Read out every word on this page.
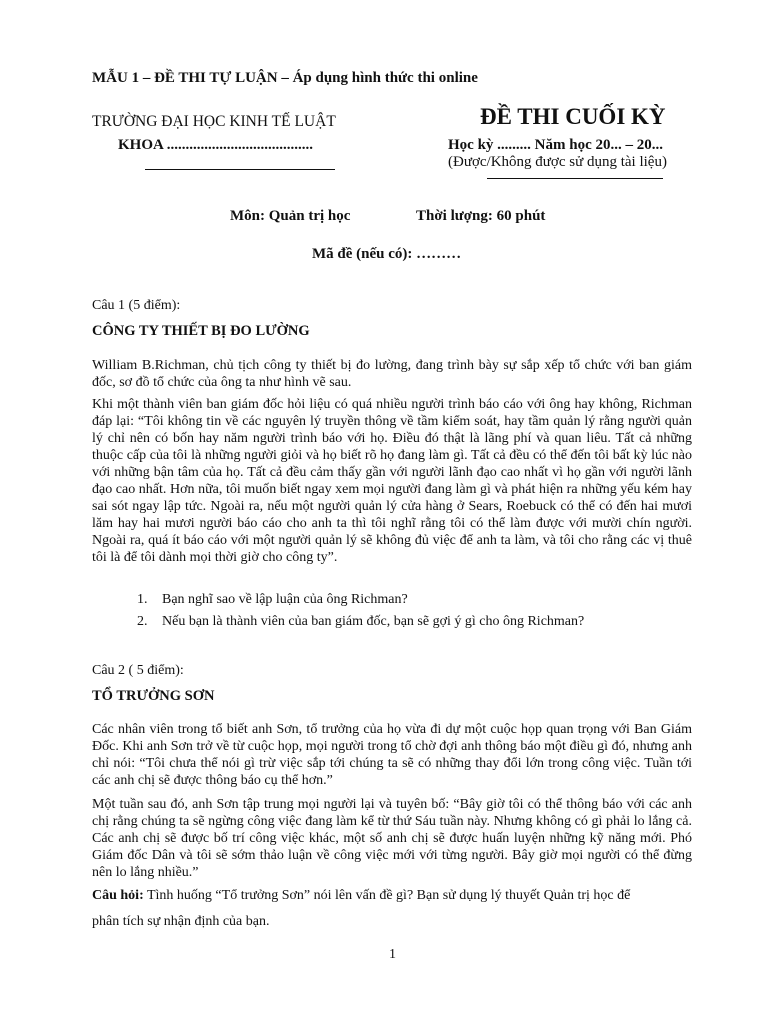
MẪU 1 – ĐỀ THI TỰ LUẬN – Áp dụng hình thức thi online
TRƯỜNG ĐẠI HỌC KINH TẾ LUẬT
KHOA .......................................
ĐỀ THI CUỐI KỲ
Học kỳ ......... Năm học 20... – 20...
(Được/Không được sử dụng tài liệu)
Môn: Quản trị học	Thời lượng: 60 phút
Mã đề (nếu có): ………
Câu 1 (5 điểm):
CÔNG TY THIẾT BỊ ĐO LƯỜNG

William B.Richman, chủ tịch công ty thiết bị đo lường, đang trình bày sự sắp xếp tổ chức với ban giám đốc, sơ đồ tổ chức của ông ta như hình vẽ sau.

Khi một thành viên ban giám đốc hỏi liệu có quá nhiều người trình báo cáo với ông hay không, Richman đáp lại: “Tôi không tin về các nguyên lý truyền thông về tầm kiểm soát, hay tầm quản lý rằng người quản lý chỉ nên có bốn hay năm người trình báo với họ. Điều đó thật là lãng phí và quan liêu. Tất cả những thuộc cấp của tôi là những người giỏi và họ biết rõ họ đang làm gì. Tất cả đều có thể đến tôi bất kỳ lúc nào với những bận tâm của họ. Tất cả đều cảm thấy gần với người lãnh đạo cao nhất vì họ gần với người lãnh đạo cao nhất. Hơn nữa, tôi muốn biết ngay xem mọi người đang làm gì và phát hiện ra những yếu kém hay sai sót ngay lập tức. Ngoài ra, nếu một người quản lý cửa hàng ở Sears, Roebuck có thể có đến hai mươi lăm hay hai mươi người báo cáo cho anh ta thì tôi nghĩ rằng tôi có thể làm được với mười chín người. Ngoài ra, quá ít báo cáo với một người quản lý sẽ không đủ việc để anh ta làm, và tôi cho rằng các vị thuê tôi là để tôi dành mọi thời giờ cho công ty”.

1. Bạn nghĩ sao về lập luận của ông Richman?
2. Nếu bạn là thành viên của ban giám đốc, bạn sẽ gợi ý gì cho ông Richman?
Câu 2 ( 5 điểm):
TỔ TRƯỞNG SƠN

Các nhân viên trong tổ biết anh Sơn, tổ trưởng của họ vừa đi dự một cuộc họp quan trọng với Ban Giám Đốc. Khi anh Sơn trở về từ cuộc họp, mọi người trong tổ chờ đợi anh thông báo một điều gì đó, nhưng anh chỉ nói: “Tôi chưa thể nói gì trừ việc sắp tới chúng ta sẽ có những thay đổi lớn trong công việc. Tuần tới các anh chị sẽ được thông báo cụ thể hơn.”

Một tuần sau đó, anh Sơn tập trung mọi người lại và tuyên bố: “Bây giờ tôi có thể thông báo với các anh chị rằng chúng ta sẽ ngừng công việc đang làm kể từ thứ Sáu tuần này. Nhưng không có gì phải lo lắng cả. Các anh chị sẽ được bố trí công việc khác, một số anh chị sẽ được huấn luyện những kỹ năng mới. Phó Giám đốc Dân và tôi sẽ sớm thảo luận về công việc mới với từng người. Bây giờ mọi người có thể đừng nên lo lắng nhiều.”

Câu hỏi: Tình huống “Tổ trưởng Sơn” nói lên vấn đề gì? Bạn sử dụng lý thuyết Quản trị học để
phân tích sự nhận định của bạn.
1
